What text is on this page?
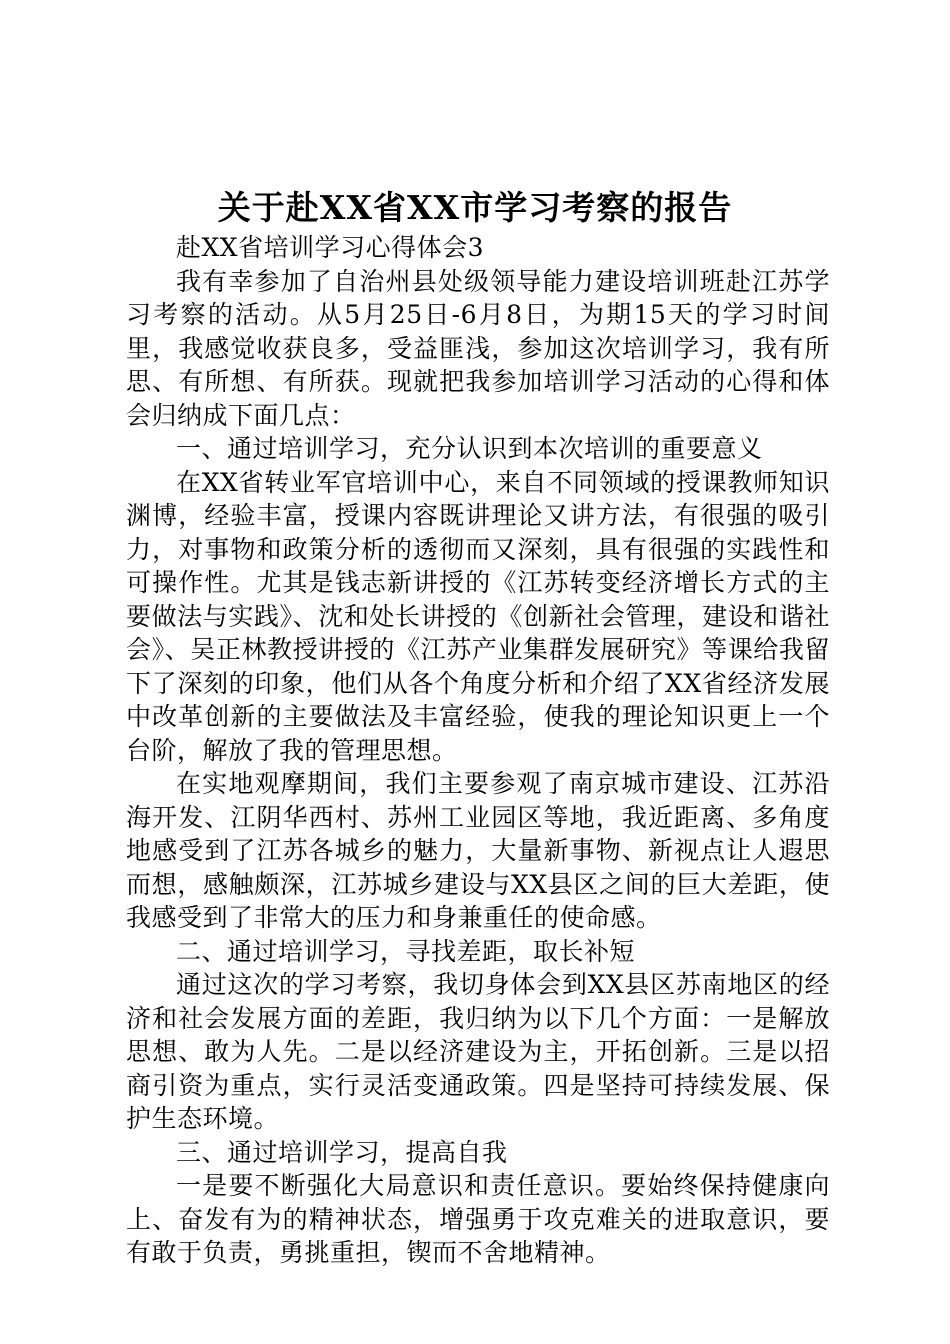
关于赴XX省XX市学习考察的报告

赴XX省培训学习心得体会3

我有幸参加了自治州县处级领导能力建设培训班赴江苏学习考察的活动。从5月25日-6月8日，为期15天的学习时间里，我感觉收获良多，受益匪浅，参加这次培训学习，我有所思、有所想、有所获。现就把我参加培训学习活动的心得和体会归纳成下面几点：

一、通过培训学习，充分认识到本次培训的重要意义

在XX省转业军官培训中心，来自不同领域的授课教师知识渊博，经验丰富，授课内容既讲理论又讲方法，有很强的吸引力，对事物和政策分析的透彻而又深刻，具有很强的实践性和可操作性。尤其是钱志新讲授的《江苏转变经济增长方式的主要做法与实践》、沈和处长讲授的《创新社会管理，建设和谐社会》、吴正林教授讲授的《江苏产业集群发展研究》等课给我留下了深刻的印象，他们从各个角度分析和介绍了XX省经济发展中改革创新的主要做法及丰富经验，使我的理论知识更上一个台阶，解放了我的管理思想。

在实地观摩期间，我们主要参观了南京城市建设、江苏沿海开发、江阴华西村、苏州工业园区等地，我近距离、多角度地感受到了江苏各城乡的魅力，大量新事物、新视点让人遐思而想，感触颇深，江苏城乡建设与XX县区之间的巨大差距，使我感受到了非常大的压力和身兼重任的使命感。

二、通过培训学习，寻找差距，取长补短

通过这次的学习考察，我切身体会到XX县区苏南地区的经济和社会发展方面的差距，我归纳为以下几个方面：一是解放思想、敢为人先。二是以经济建设为主，开拓创新。三是以招商引资为重点，实行灵活变通政策。四是坚持可持续发展、保护生态环境。

三、通过培训学习，提高自我

一是要不断强化大局意识和责任意识。要始终保持健康向上、奋发有为的精神状态，增强勇于攻克难关的进取意识，要有敢于负责，勇挑重担，锲而不舍地精神。
